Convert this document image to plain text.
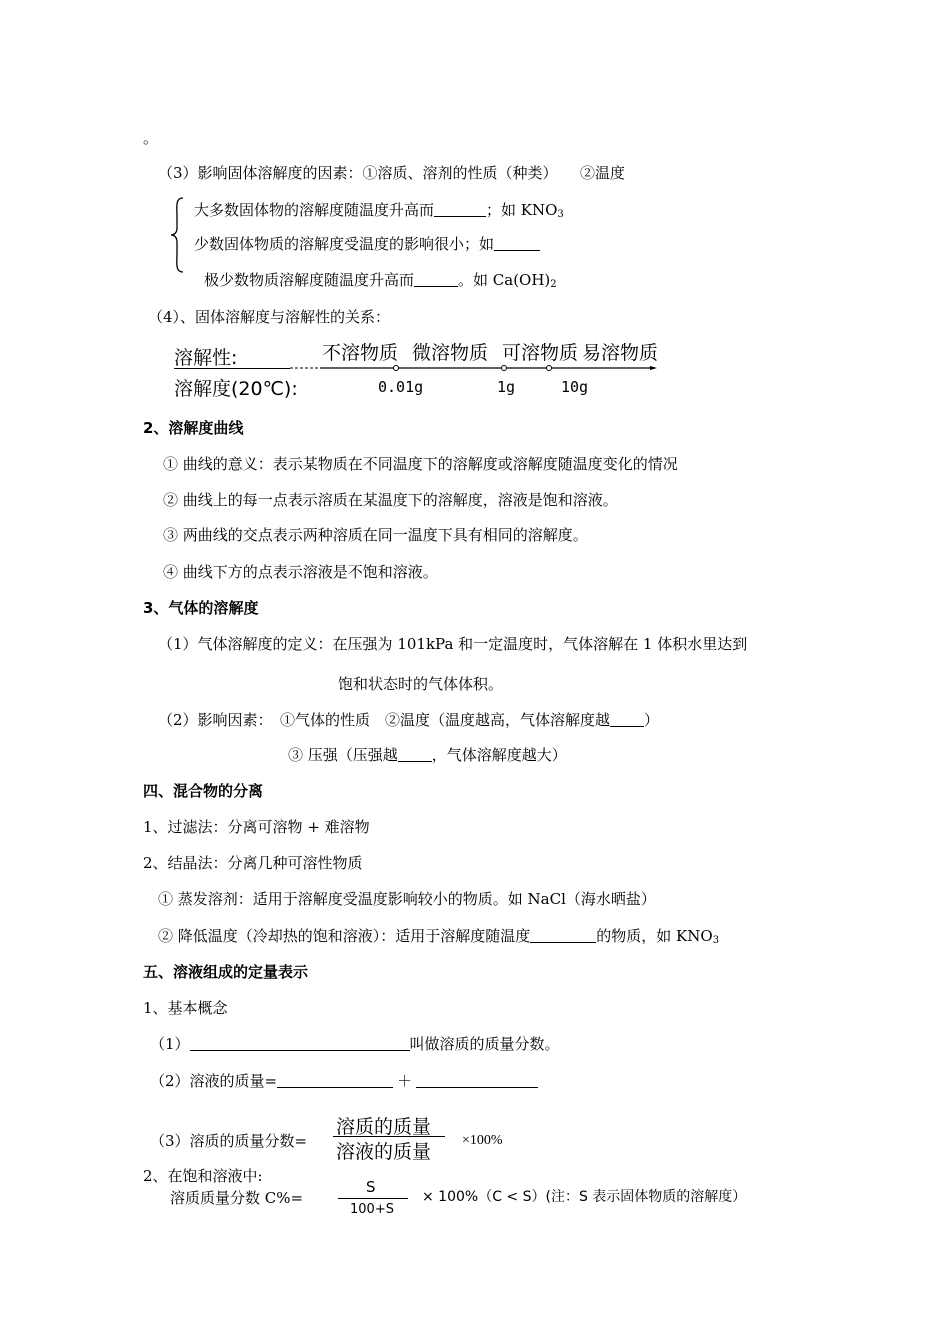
。
（3）影响固体溶解度的因素：①溶质、溶剂的性质（种类）　　②温度
大多数固体物的溶解度随温度升高而	；如 $KNO_3$
少数固体物质的溶解度受温度的影响很小；如
极少数物质溶解度随温度升高而	。如 $Ca(OH)_2$
（4）、固体溶解度与溶解性的关系：
溶解性:	不溶物质 微溶物质 可溶物质 易溶物质
溶解度(20℃):	0.01g	1g	10g
2、溶解度曲线
① 曲线的意义：表示某物质在不同温度下的溶解度或溶解度随温度变化的情况
② 曲线上的每一点表示溶质在某温度下的溶解度，溶液是饱和溶液。
③ 两曲线的交点表示两种溶质在同一温度下具有相同的溶解度。
④ 曲线下方的点表示溶液是不饱和溶液。
3、气体的溶解度
（1）气体溶解度的定义：在压强为 101kPa 和一定温度时，气体溶解在 1 体积水里达到
饱和状态时的气体体积。
（2）影响因素：　①气体的性质　②温度（温度越高，气体溶解度越 ）
③ 压强（压强越 ，气体溶解度越大）
四、混合物的分离
1、过滤法：分离可溶物 + 难溶物
2、结晶法：分离几种可溶性物质
① 蒸发溶剂：适用于溶解度受温度影响较小的物质。如 NaCl（海水晒盐）
② 降低温度（冷却热的饱和溶液）：适用于溶解度随温度	的物质，如 $KNO_3$
五、溶液组成的定量表示
1、基本概念
（1）	叫做溶质的质量分数。
（2）溶液的质量=	＋
（3）溶质的质量分数=
溶质的质量
溶液的质量
×100%
2、在饱和溶液中:
溶质质量分数 C%=
S
100+S
× 100%（C < S）(注：S 表示固体物质的溶解度）
